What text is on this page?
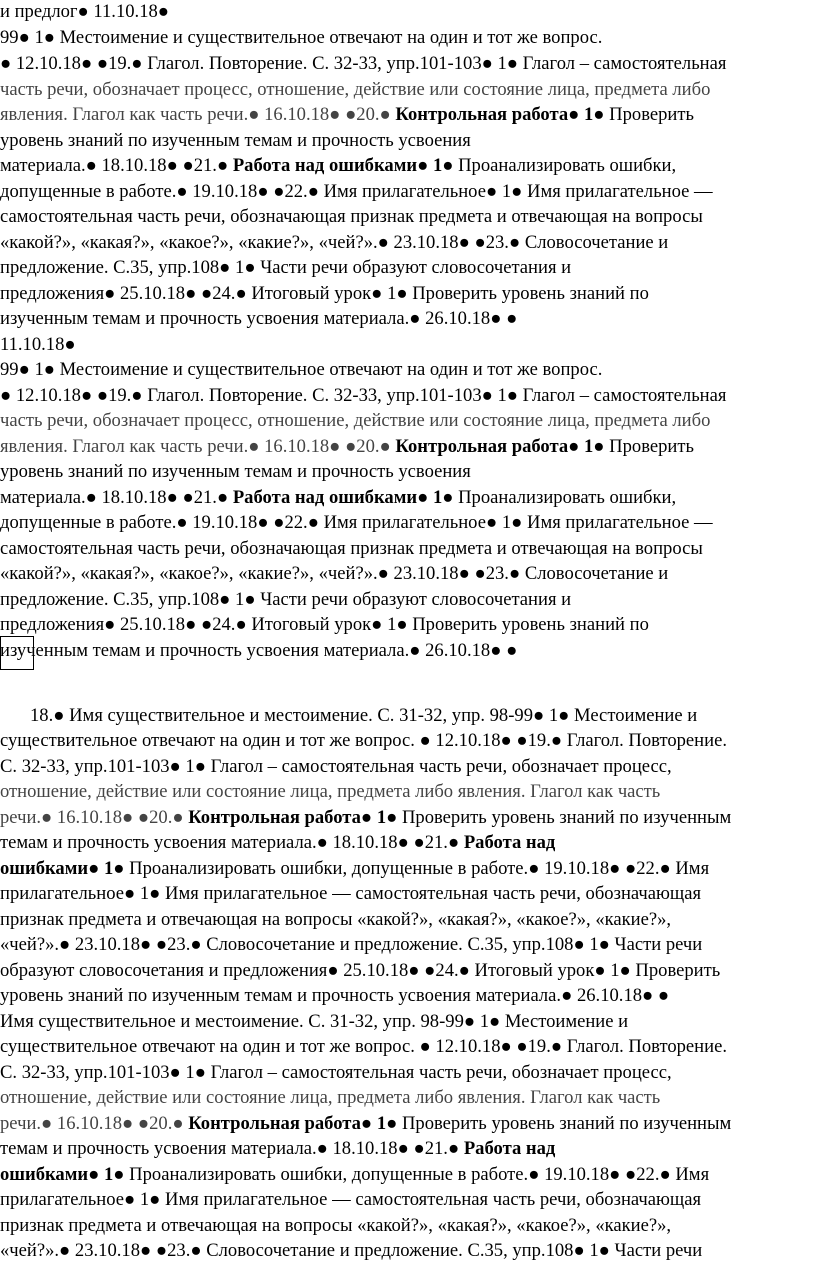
и предлог● 11.10.18●
99● 1● Местоимение и существительное отвечают на один и тот же вопрос.
● 12.10.18● ●19.● Глагол. Повторение. С. 32-33, упр.101-103● 1● Глагол – самостоятельная
часть речи, обозначает процесс, отношение, действие или состояние лица, предмета либо
явления. Глагол как часть речи.● 16.10.18● ●20.● Контрольная работа● 1● Проверить
уровень знаний по изученным темам и прочность усвоения
материала.● 18.10.18● ●21.● Работа над ошибками● 1● Проанализировать ошибки,
допущенные в работе.● 19.10.18● ●22.● Имя прилагательное● 1● Имя прилагательное —
самостоятельная часть речи, обозначающая признак предмета и отвечающая на вопросы
«какой?», «какая?», «какое?», «какие?», «чей?».● 23.10.18● ●23.● Словосочетание и
предложение. С.35, упр.108● 1● Части речи образуют словосочетания и
предложения● 25.10.18● ●24.● Итоговый урок● 1● Проверить уровень знаний по
изученным темам и прочность усвоения материала.● 26.10.18● ●
11.10.18●
99● 1● Местоимение и существительное отвечают на один и тот же вопрос.
● 12.10.18● ●19.● Глагол. Повторение. С. 32-33, упр.101-103● 1● Глагол – самостоятельная
часть речи, обозначает процесс, отношение, действие или состояние лица, предмета либо
явления. Глагол как часть речи.● 16.10.18● ●20.● Контрольная работа● 1● Проверить
уровень знаний по изученным темам и прочность усвоения
материала.● 18.10.18● ●21.● Работа над ошибками● 1● Проанализировать ошибки,
допущенные в работе.● 19.10.18● ●22.● Имя прилагательное● 1● Имя прилагательное —
самостоятельная часть речи, обозначающая признак предмета и отвечающая на вопросы
«какой?», «какая?», «какое?», «какие?», «чей?».● 23.10.18● ●23.● Словосочетание и
предложение. С.35, упр.108● 1● Части речи образуют словосочетания и
предложения● 25.10.18● ●24.● Итоговый урок● 1● Проверить уровень знаний по
изученным темам и прочность усвоения материала.● 26.10.18● ●
18.● Имя существительное и местоимение. С. 31-32, упр. 98-99● 1● Местоимение и
существительное отвечают на один и тот же вопрос. ● 12.10.18● ●19.● Глагол. Повторение.
С. 32-33, упр.101-103● 1● Глагол – самостоятельная часть речи, обозначает процесс,
отношение, действие или состояние лица, предмета либо явления. Глагол как часть
речи.● 16.10.18● ●20.● Контрольная работа● 1● Проверить уровень знаний по изученным
темам и прочность усвоения материала.● 18.10.18● ●21.● Работа над
ошибками● 1● Проанализировать ошибки, допущенные в работе.● 19.10.18● ●22.● Имя
прилагательное● 1● Имя прилагательное — самостоятельная часть речи, обозначающая
признак предмета и отвечающая на вопросы «какой?», «какая?», «какое?», «какие?»,
«чей?».● 23.10.18● ●23.● Словосочетание и предложение. С.35, упр.108● 1● Части речи
образуют словосочетания и предложения● 25.10.18● ●24.● Итоговый урок● 1● Проверить
уровень знаний по изученным темам и прочность усвоения материала.● 26.10.18● ●
Имя существительное и местоимение. С. 31-32, упр. 98-99● 1● Местоимение и
существительное отвечают на один и тот же вопрос. ● 12.10.18● ●19.● Глагол. Повторение.
С. 32-33, упр.101-103● 1● Глагол – самостоятельная часть речи, обозначает процесс,
отношение, действие или состояние лица, предмета либо явления. Глагол как часть
речи.● 16.10.18● ●20.● Контрольная работа● 1● Проверить уровень знаний по изученным
темам и прочность усвоения материала.● 18.10.18● ●21.● Работа над
ошибками● 1● Проанализировать ошибки, допущенные в работе.● 19.10.18● ●22.● Имя
прилагательное● 1● Имя прилагательное — самостоятельная часть речи, обозначающая
признак предмета и отвечающая на вопросы «какой?», «какая?», «какое?», «какие?»,
«чей?».● 23.10.18● ●23.● Словосочетание и предложение. С.35, упр.108● 1● Части речи
